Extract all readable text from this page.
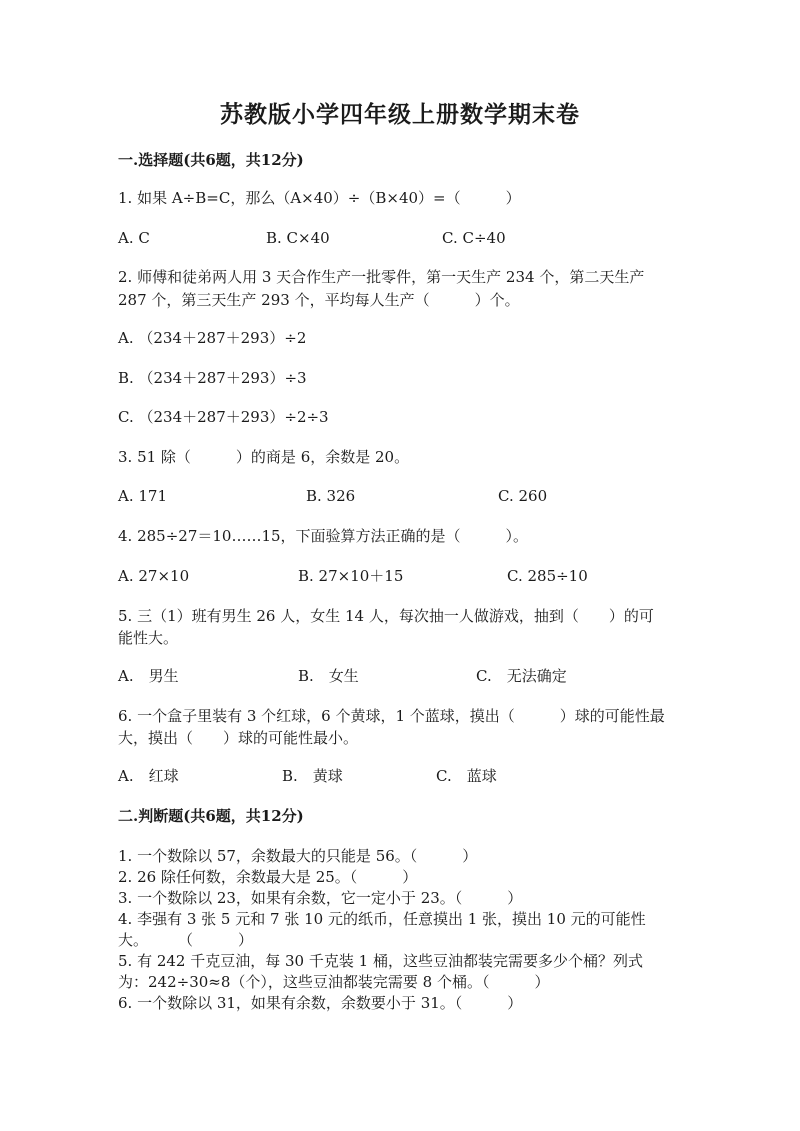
苏教版小学四年级上册数学期末卷
一.选择题(共6题，共12分)
1. 如果 A÷B=C，那么（A×40）÷（B×40）=（　　　）
A. C	B. C×40	C. C÷40
2. 师傅和徒弟两人用 3 天合作生产一批零件，第一天生产 234 个，第二天生产
287 个，第三天生产 293 个，平均每人生产（　　　）个。
A. （234＋287＋293）÷2
B. （234＋287＋293）÷3
C. （234＋287＋293）÷2÷3
3. 51 除（　　　）的商是 6，余数是 20。
A. 171	B. 326	C. 260
4. 285÷27＝10……15，下面验算方法正确的是（　　　）。
A. 27×10	B. 27×10＋15	C. 285÷10
5. 三（1）班有男生 26 人，女生 14 人，每次抽一人做游戏，抽到（　　）的可
能性大。
A.　男生	B.　女生	C.　无法确定
6. 一个盒子里装有 3 个红球，6 个黄球，1 个蓝球，摸出（　　　）球的可能性最
大，摸出（　　）球的可能性最小。
A.　红球	B.　黄球	C.　蓝球
二.判断题(共6题，共12分)
1. 一个数除以 57，余数最大的只能是 56。（　　　）
2. 26 除任何数，余数最大是 25。（　　　）
3. 一个数除以 23，如果有余数，它一定小于 23。（　　　）
4. 李强有 3 张 5 元和 7 张 10 元的纸币，任意摸出 1 张，摸出 10 元的可能性
大。　　　（　　　）
5. 有 242 千克豆油，每 30 千克装 1 桶，这些豆油都装完需要多少个桶？列式
为：242÷30≈8（个），这些豆油都装完需要 8 个桶。（　　　）
6. 一个数除以 31，如果有余数，余数要小于 31。（　　　）
